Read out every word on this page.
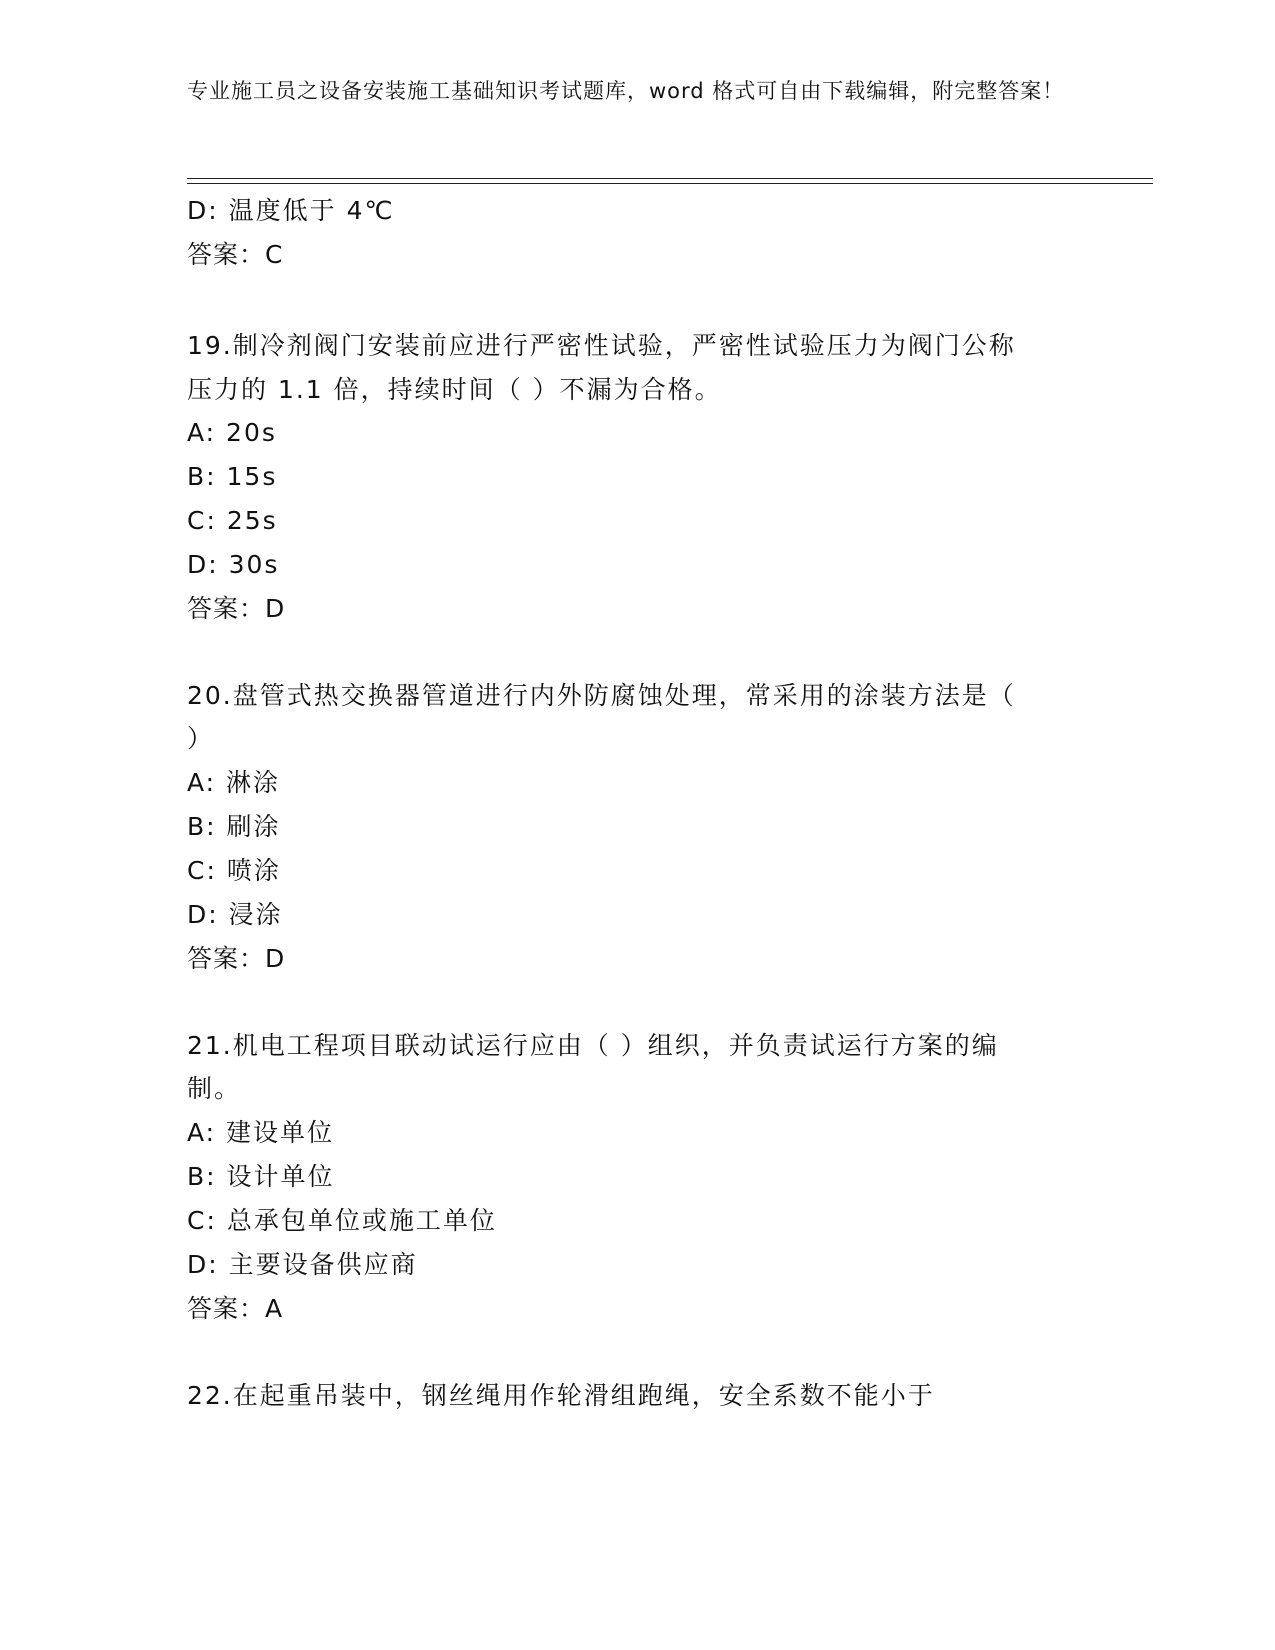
专业施工员之设备安装施工基础知识考试题库，word 格式可自由下载编辑，附完整答案！
D: 温度低于 4℃
答案：C
19.制冷剂阀门安装前应进行严密性试验，严密性试验压力为阀门公称
压力的 1.1 倍，持续时间（ ）不漏为合格。
A: 20s
B: 15s
C: 25s
D: 30s
答案：D
20.盘管式热交换器管道进行内外防腐蚀处理，常采用的涂装方法是（
）
A: 淋涂
B: 刷涂
C: 喷涂
D: 浸涂
答案：D
21.机电工程项目联动试运行应由（ ）组织，并负责试运行方案的编
制。
A: 建设单位
B: 设计单位
C: 总承包单位或施工单位
D: 主要设备供应商
答案：A
22.在起重吊装中，钢丝绳用作轮滑组跑绳，安全系数不能小于
